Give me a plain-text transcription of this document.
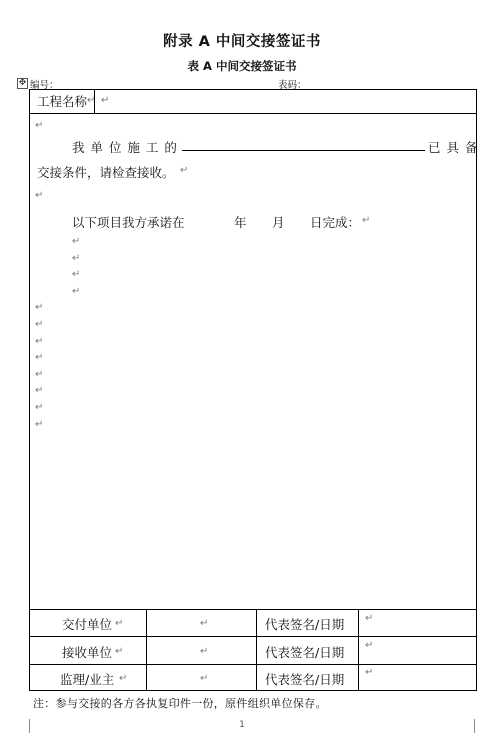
附录 A 中间交接签证书
表 A 中间交接签证书
✥ 编号：	表码：
工程名称 ↵ ↵
↵
我 单 位 施 工 的	已 具 备
交接条件，请检查接收。 ↵
↵
以下项目我方承诺在	年 月 日完成： ↵
↵
↵
↵
↵
↵
↵
↵
↵
↵
↵
↵
↵
交付单位 ↵	↵	代表签名/日期 ↵
接收单位 ↵	↵	代表签名/日期 ↵
监理/业主 ↵	↵	代表签名/日期 ↵
注：参与交接的各方各执复印件一份，原件组织单位保存。
1
